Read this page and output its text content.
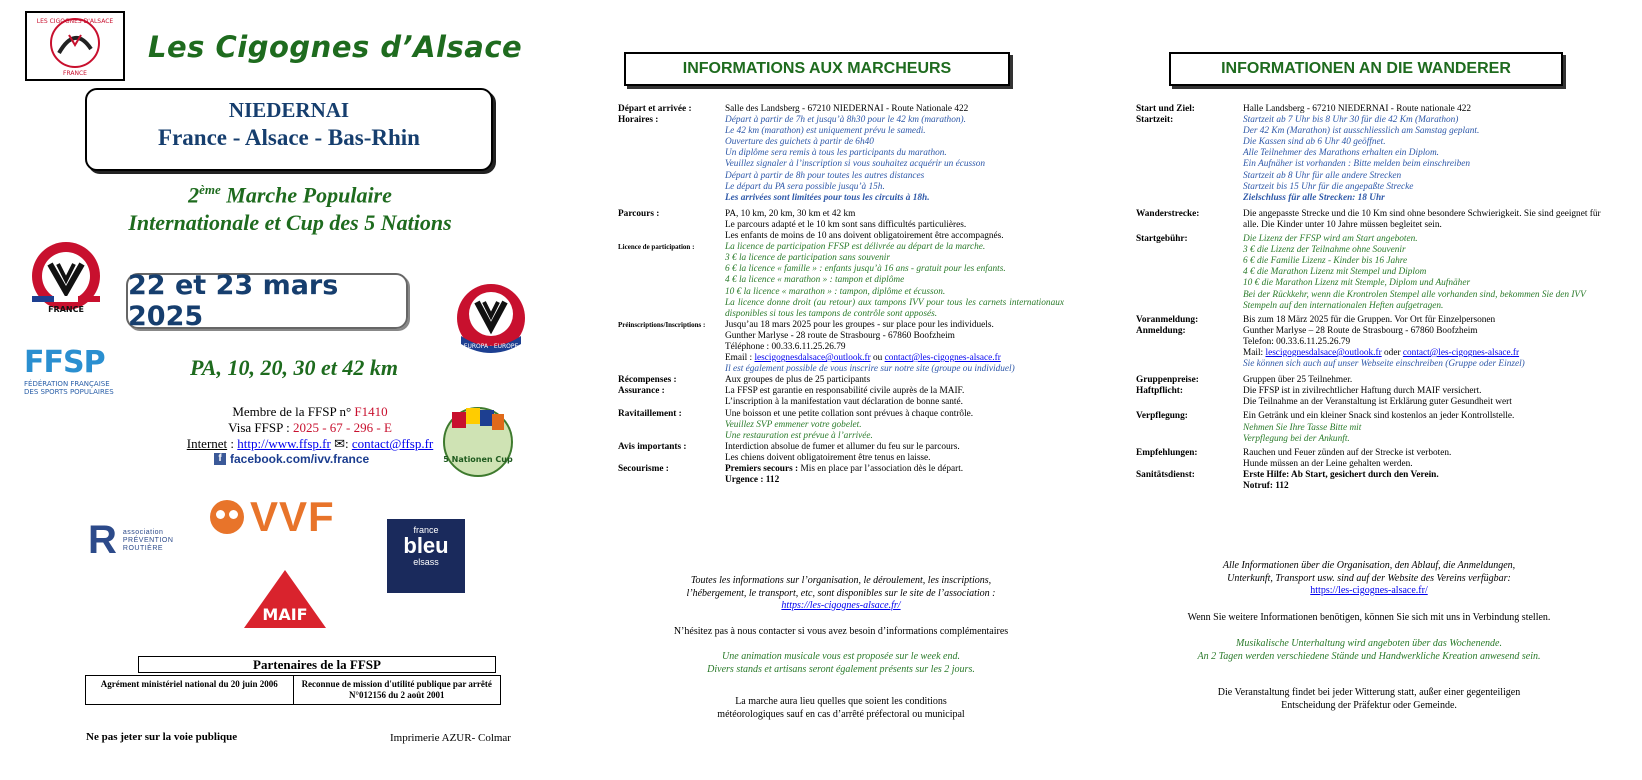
LES CIGOGNES D'ALSACE
FRANCE
Les Cigognes d’Alsace
NIEDERNAI
France - Alsace - Bas-Rhin
2ème Marche Populaire
Internationale et Cup des 5 Nations
FRANCE
22 et 23 mars 2025
EUROPA · EUROPE
FFSP
FÉDÉRATION FRANÇAISE DES SPORTS POPULAIRES
PA, 10, 20, 30 et 42 km
Membre de la FFSP n° F1410
Visa FFSP : 2025 - 67 - 296 - E
Internet : http://www.ffsp.fr ✉: contact@ffsp.fr
f facebook.com/ivv.france	5 Nationen Cup
VVF
R association
PRÉVENTION
ROUTIÈRE
france
bleu
elsass
MAIF
Partenaires de la FFSP
Agrément ministériel national du 20 juin 2006	Reconnue de mission d'utilité publique par arrêté N°012156 du 2 août 2001
Ne pas jeter sur la voie publique	Imprimerie AZUR- Colmar
INFORMATIONS AUX MARCHEURS
Départ et arrivée :	Salle des Landsberg - 67210 NIEDERNAI - Route Nationale 422
Horaires :	Départ à partir de 7h et jusqu’à 8h30 pour le 42 km (marathon).
Le 42 km (marathon) est uniquement prévu le samedi.
Ouverture des guichets à partir de 6h40
Un diplôme sera remis à tous les participants du marathon.
Veuillez signaler à l’inscription si vous souhaitez acquérir un écusson
Départ à partir de 8h pour toutes les autres distances
Le départ du PA sera possible jusqu’à 15h.
Les arrivées sont limitées pour tous les circuits à 18h.
Parcours :	PA, 10 km, 20 km, 30 km et 42 km
Le parcours adapté et le 10 km sont sans difficultés particulières.
Les enfants de moins de 10 ans doivent obligatoirement être accompagnés.
Licence de participation :	La licence de participation FFSP est délivrée au départ de la marche.
3 € la licence de participation sans souvenir
6 € la licence « famille » : enfants jusqu’à 16 ans - gratuit pour les enfants.
4 € la licence « marathon » : tampon et diplôme
10 € la licence « marathon » : tampon, diplôme et écusson.
La licence donne droit (au retour) aux tampons IVV pour tous les carnets internationaux disponibles si tous les tampons de contrôle sont apposés.
Préinscriptions/Inscriptions :	Jusqu’au 18 mars 2025 pour les groupes - sur place pour les individuels.
Gunther Marlyse - 28 route de Strasbourg - 67860 Boofzheim
Téléphone : 00.33.6.11.25.26.79
Email : lescigognesdalsace@outlook.fr ou contact@les-cigognes-alsace.fr
Il est également possible de vous inscrire sur notre site (groupe ou individuel)
Récompenses :	Aux groupes de plus de 25 participants
Assurance :	La FFSP est garantie en responsabilité civile auprès de la MAIF.
L’inscription à la manifestation vaut déclaration de bonne santé.
Ravitaillement :	Une boisson et une petite collation sont prévues à chaque contrôle.
Veuillez SVP emmener votre gobelet.
Une restauration est prévue à l’arrivée.
Avis importants :	Interdiction absolue de fumer et allumer du feu sur le parcours.
Les chiens doivent obligatoirement être tenus en laisse.
Secourisme :	Premiers secours : Mis en place par l’association dès le départ.
Urgence : 112
Toutes les informations sur l’organisation, le déroulement, les inscriptions,
l’hébergement, le transport, etc, sont disponibles sur le site de l’association :
https://les-cigognes-alsace.fr/
N’hésitez pas à nous contacter si vous avez besoin d’informations complémentaires
Une animation musicale vous est proposée sur le week end.
Divers stands et artisans seront également présents sur les 2 jours.
La marche aura lieu quelles que soient les conditions
météorologiques sauf en cas d’arrêté préfectoral ou municipal
INFORMATIONEN AN DIE WANDERER
Start und Ziel:	Halle Landsberg - 67210 NIEDERNAI - Route nationale 422
Startzeit:	Startzeit ab 7 Uhr bis 8 Uhr 30 für die 42 Km (Marathon)
Der 42 Km (Marathon) ist ausschliesslich am Samstag geplant.
Die Kassen sind ab 6 Uhr 40 geöffnet.
Alle Teilnehmer des Marathons erhalten ein Diplom.
Ein Aufnäher ist vorhanden : Bitte melden beim einschreiben
Startzeit ab 8 Uhr für alle andere Strecken
Startzeit bis 15 Uhr für die angepaßte Strecke
Zielschluss für alle Strecken: 18 Uhr
Wanderstrecke:	Die angepasste Strecke und die 10 Km sind ohne besondere Schwierigkeit. Sie sind geeignet für alle. Die Kinder unter 10 Jahre müssen begleitet sein.
Startgebühr:	Die Lizenz der FFSP wird am Start angeboten.
3 € die Lizenz der Teilnahme ohne Souvenir
6 € die Familie Lizenz - Kinder bis 16 Jahre
4 € die Marathon Lizenz mit Stempel und Diplom
10 € die Marathon Lizenz mit Stemple, Diplom und Aufnäher
Bei der Rückkehr, wenn die Krontrolen Stempel alle vorhanden sind, bekommen Sie den IVV Stempeln auf den internationalen Heften aufgetragen.
Voranmeldung:	Bis zum 18 März 2025 für die Gruppen. Vor Ort für Einzelpersonen
Anmeldung:	Gunther Marlyse – 28 Route de Strasbourg - 67860 Boofzheim
Telefon: 00.33.6.11.25.26.79
Mail: lescigognesdalsace@outlook.fr oder contact@les-cigognes-alsace.fr
Sie können sich auch auf unser Webseite einschreiben (Gruppe oder Einzel)
Gruppenpreise:	Gruppen über 25 Teilnehmer.
Haftpflicht:	Die FFSP ist in zivilrechtlicher Haftung durch MAIF versichert.
Die Teilnahme an der Veranstaltung ist Erklärung guter Gesundheit wert
Verpflegung:	Ein Getränk und ein kleiner Snack sind kostenlos an jeder Kontrollstelle.
Nehmen Sie Ihre Tasse Bitte mit
Verpflegung bei der Ankunft.
Empfehlungen:	Rauchen und Feuer zünden auf der Strecke ist verboten.
Hunde müssen an der Leine gehalten werden.
Sanitätsdienst:	Erste Hilfe: Ab Start, gesichert durch den Verein.
Notruf: 112
Alle Informationen über die Organisation, den Ablauf, die Anmeldungen,
Unterkunft, Transport usw. sind auf der Website des Vereins verfügbar:
https://les-cigognes-alsace.fr/
Wenn Sie weitere Informationen benötigen, können Sie sich mit uns in Verbindung stellen.
Musikalische Unterhaltung wird angeboten über das Wochenende.
An 2 Tagen werden verschiedene Stände und Handwerkliche Kreation anwesend sein.
Die Veranstaltung findet bei jeder Witterung statt, außer einer gegenteiligen
Entscheidung der Präfektur oder Gemeinde.
